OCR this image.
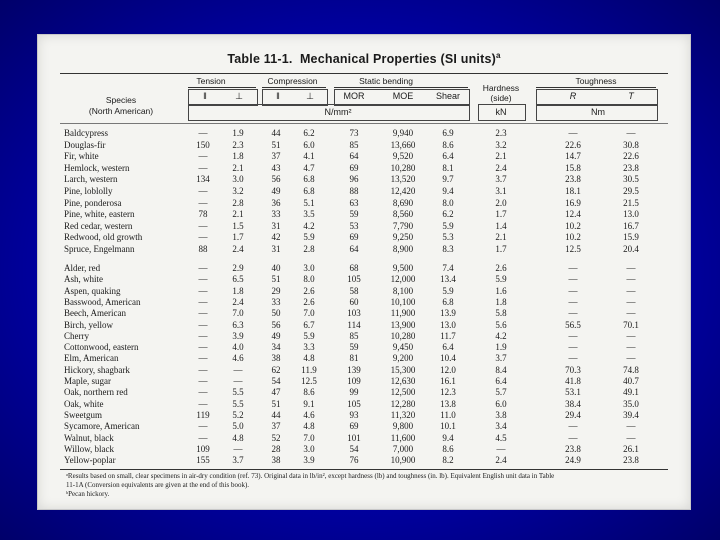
Table 11-1. Mechanical Properties (SI units)$^a$
Species
(North American)
Tension	Compression	Static bending
Hardness
(side)
Toughness
‖	⊥	‖	⊥	MOR	MOE	Shear	R	T
N/mm²	kN	Nm
Baldcypress	—	1.9	44	6.2	73	9,940	6.9	2.3	—	—
Douglas-fir	150	2.3	51	6.0	85	13,660	8.6	3.2	22.6	30.8
Fir, white	—	1.8	37	4.1	64	9,520	6.4	2.1	14.7	22.6
Hemlock, western	—	2.1	43	4.7	69	10,280	8.1	2.4	15.8	23.8
Larch, western	134	3.0	56	6.8	96	13,520	9.7	3.7	23.8	30.5
Pine, loblolly	—	3.2	49	6.8	88	12,420	9.4	3.1	18.1	29.5
Pine, ponderosa	—	2.8	36	5.1	63	8,690	8.0	2.0	16.9	21.5
Pine, white, eastern	78	2.1	33	3.5	59	8,560	6.2	1.7	12.4	13.0
Red cedar, western	—	1.5	31	4.2	53	7,790	5.9	1.4	10.2	16.7
Redwood, old growth	—	1.7	42	5.9	69	9,250	5.3	2.1	10.2	15.9
Spruce, Engelmann	88	2.4	31	2.8	64	8,900	8.3	1.7	12.5	20.4
Alder, red	—	2.9	40	3.0	68	9,500	7.4	2.6	—	—
Ash, white	—	6.5	51	8.0	105	12,000	13.4	5.9	—	—
Aspen, quaking	—	1.8	29	2.6	58	8,100	5.9	1.6	—	—
Basswood, American	—	2.4	33	2.6	60	10,100	6.8	1.8	—	—
Beech, American	—	7.0	50	7.0	103	11,900	13.9	5.8	—	—
Birch, yellow	—	6.3	56	6.7	114	13,900	13.0	5.6	56.5	70.1
Cherry	—	3.9	49	5.9	85	10,280	11.7	4.2	—	—
Cottonwood, eastern	—	4.0	34	3.3	59	9,450	6.4	1.9	—	—
Elm, American	—	4.6	38	4.8	81	9,200	10.4	3.7	—	—
Hickory, shagbark	—	—	62	11.9	139	15,300	12.0	8.4	70.3	74.8
Maple, sugar	—	—	54	12.5	109	12,630	16.1	6.4	41.8	40.7
Oak, northern red	—	5.5	47	8.6	99	12,500	12.3	5.7	53.1	49.1
Oak, white	—	5.5	51	9.1	105	12,280	13.8	6.0	38.4	35.0
Sweetgum	119	5.2	44	4.6	93	11,320	11.0	3.8	29.4	39.4
Sycamore, American	—	5.0	37	4.8	69	9,800	10.1	3.4	—	—
Walnut, black	—	4.8	52	7.0	101	11,600	9.4	4.5	—	—
Willow, black	109	—	28	3.0	54	7,000	8.6	—	23.8	26.1
Yellow-poplar	155	3.7	38	3.9	76	10,900	8.2	2.4	24.9	23.8
ᵃResults based on small, clear specimens in air-dry condition (ref. 73). Original data in lb/in², except hardness (lb) and toughness (in. lb). Equivalent English unit data in Table
11-1A (Conversion equivalents are given at the end of this book).
ᵇPecan hickory.
